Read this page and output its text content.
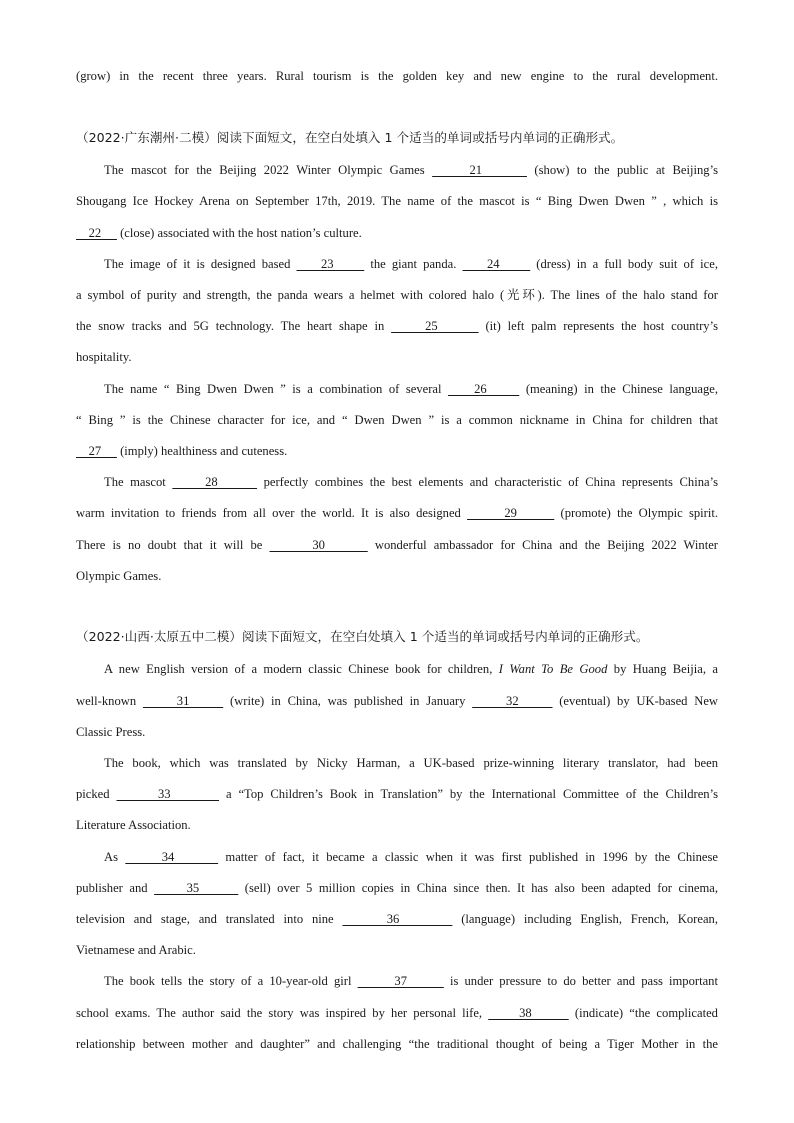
(grow) in the recent three years. Rural tourism is the golden key and new engine to the rural development.
（2022·广东潮州·二模）阅读下面短文，在空白处填入 1 个适当的单词或括号内单词的正确形式。
The mascot for the Beijing 2022 Winter Olympic Games      21       (show) to the public at Beijing’s
Shougang Ice Hockey Arena on September 17th, 2019. The name of the mascot is “ Bing Dwen Dwen ” , which is
22      (close) associated with the host nation’s culture.
The image of it is designed based     23      the giant panda.     24      (dress) in a full body suit of ice,
a symbol of purity and strength, the panda wears a helmet with colored halo (光环). The lines of the halo stand for
the snow tracks and 5G technology. The heart shape in      25       (it) left palm represents the host country’s
hospitality.
The name “ Bing Dwen Dwen ” is a combination of several     26      (meaning) in the Chinese language,
“ Bing ” is the Chinese character for ice, and “ Dwen Dwen ” is a common nickname in China for children that
27      (imply) healthiness and cuteness.
The mascot      28       perfectly combines the best elements and characteristic of China represents China’s
warm invitation to friends from all over the world. It is also designed       29       (promote) the Olympic spirit.
There is no doubt that it will be       30       wonderful ambassador for China and the Beijing 2022 Winter
Olympic Games.
（2022·山西·太原五中二模）阅读下面短文，在空白处填入 1 个适当的单词或括号内单词的正确形式。
A new English version of a modern classic Chinese book for children, I Want To Be Good by Huang Beijia, a
well-known      31      (write) in China, was published in January      32      (eventual) by UK-based New
Classic Press.
The book, which was translated by Nicky Harman, a UK-based prize-winning literary translator, had been
picked       33        a “Top Children’s Book in Translation” by the International Committee of the Children’s
Literature Association.
As      34       matter of fact, it became a classic when it was first published in 1996 by the Chinese
publisher and      35       (sell) over 5 million copies in China since then. It has also been adapted for cinema,
television and stage, and translated into nine      36       (language) including English, French, Korean,
Vietnamese and Arabic.
The book tells the story of a 10-year-old girl       37       is under pressure to do better and pass important
school exams. The author said the story was inspired by her personal life,      38       (indicate) “the complicated
relationship between mother and daughter” and challenging “the traditional thought of being a Tiger Mother in the
